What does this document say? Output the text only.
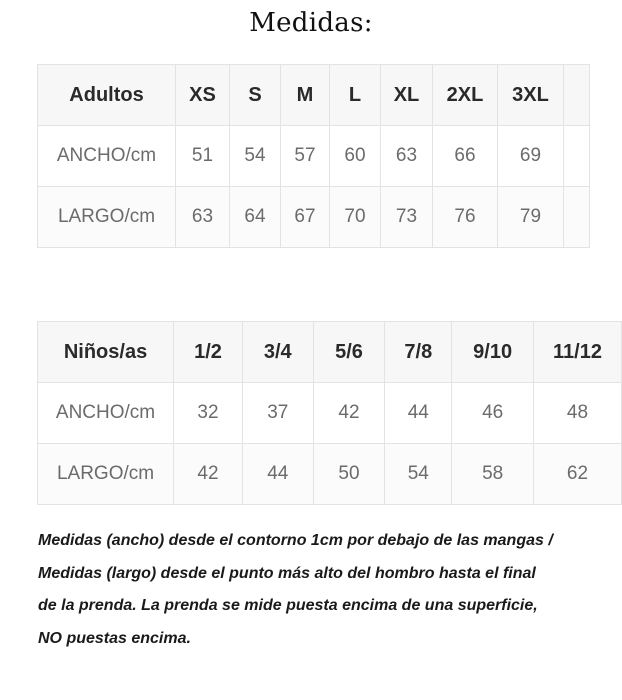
Medidas:
Adultos	XS	S	M	L	XL	2XL	3XL	
ANCHO/cm	51	54	57	60	63	66	69	
LARGO/cm	63	64	67	70	73	76	79	
Niños/as	1/2	3/4	5/6	7/8	9/10	11/12
ANCHO/cm	32	37	42	44	46	48
LARGO/cm	42	44	50	54	58	62
Medidas (ancho) desde el contorno 1cm por debajo de las mangas /
Medidas (largo) desde el punto más alto del hombro hasta el final
de la prenda. La prenda se mide puesta encima de una superficie,
NO puestas encima.
